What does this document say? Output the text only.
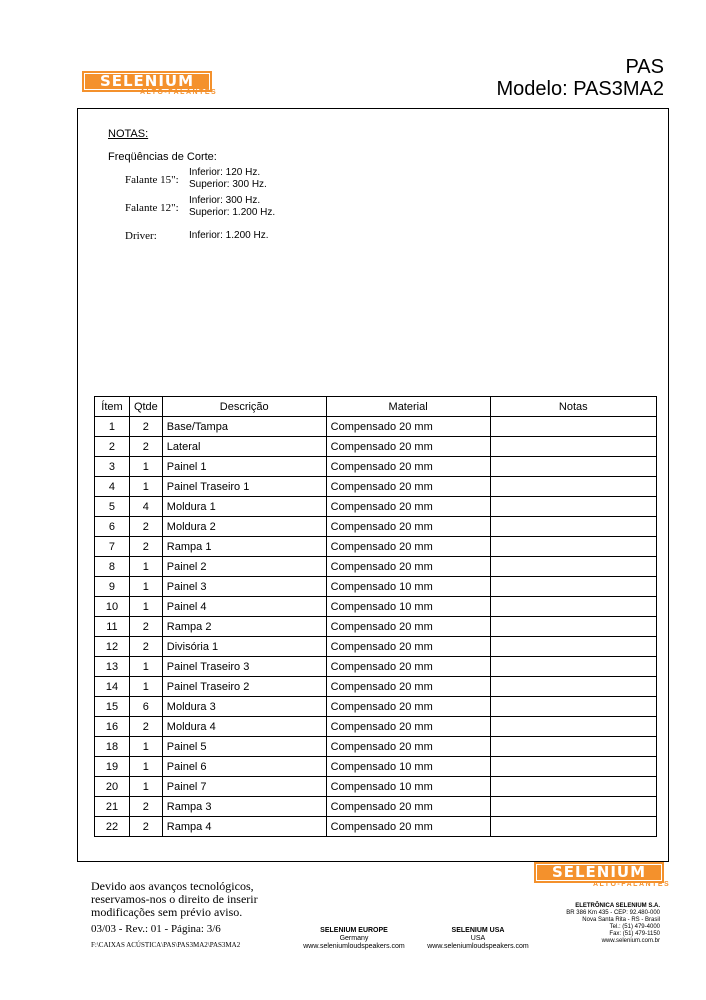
SELENIUM
ALTO-FALANTES
PAS
Modelo: PAS3MA2
NOTAS:
Freqüências de Corte:
Falante 15":
Inferior: 120 Hz.
Superior: 300 Hz.
Falante 12":
Inferior: 300 Hz.
Superior: 1.200 Hz.
Driver:	Inferior: 1.200 Hz.
Ítem	Qtde	Descrição	Material	Notas
1	2	Base/Tampa	Compensado 20 mm	
2	2	Lateral	Compensado 20 mm	
3	1	Painel 1	Compensado 20 mm	
4	1	Painel Traseiro 1	Compensado 20 mm	
5	4	Moldura 1	Compensado 20 mm	
6	2	Moldura 2	Compensado 20 mm	
7	2	Rampa 1	Compensado 20 mm	
8	1	Painel 2	Compensado 20 mm	
9	1	Painel 3	Compensado 10 mm	
10	1	Painel 4	Compensado 10 mm	
11	2	Rampa 2	Compensado 20 mm	
12	2	Divisória 1	Compensado 20 mm	
13	1	Painel Traseiro 3	Compensado 20 mm	
14	1	Painel Traseiro 2	Compensado 20 mm	
15	6	Moldura 3	Compensado 20 mm	
16	2	Moldura 4	Compensado 20 mm	
18	1	Painel 5	Compensado 20 mm	
19	1	Painel 6	Compensado 10 mm	
20	1	Painel 7	Compensado 10 mm	
21	2	Rampa 3	Compensado 20 mm	
22	2	Rampa 4	Compensado 20 mm	
Devido aos avanços tecnológicos,
reservamos-nos o direito de inserir
modificações sem prévio aviso.
03/03 - Rev.: 01 - Página: 3/6
F:\CAIXAS ACÚSTICA\PAS\PAS3MA2\PAS3MA2
SELENIUM EUROPE
Germany
www.seleniumloudspeakers.com
SELENIUM USA
USA
www.seleniumloudspeakers.com
SELENIUM
ALTO-FALANTES
ELETRÔNICA SELENIUM S.A.
BR 386 Km 435 - CEP: 92.480-000
Nova Santa Rita - RS - Brasil
Tel.: (51) 479-4000
Fax: (51) 479-1150
www.selenium.com.br
